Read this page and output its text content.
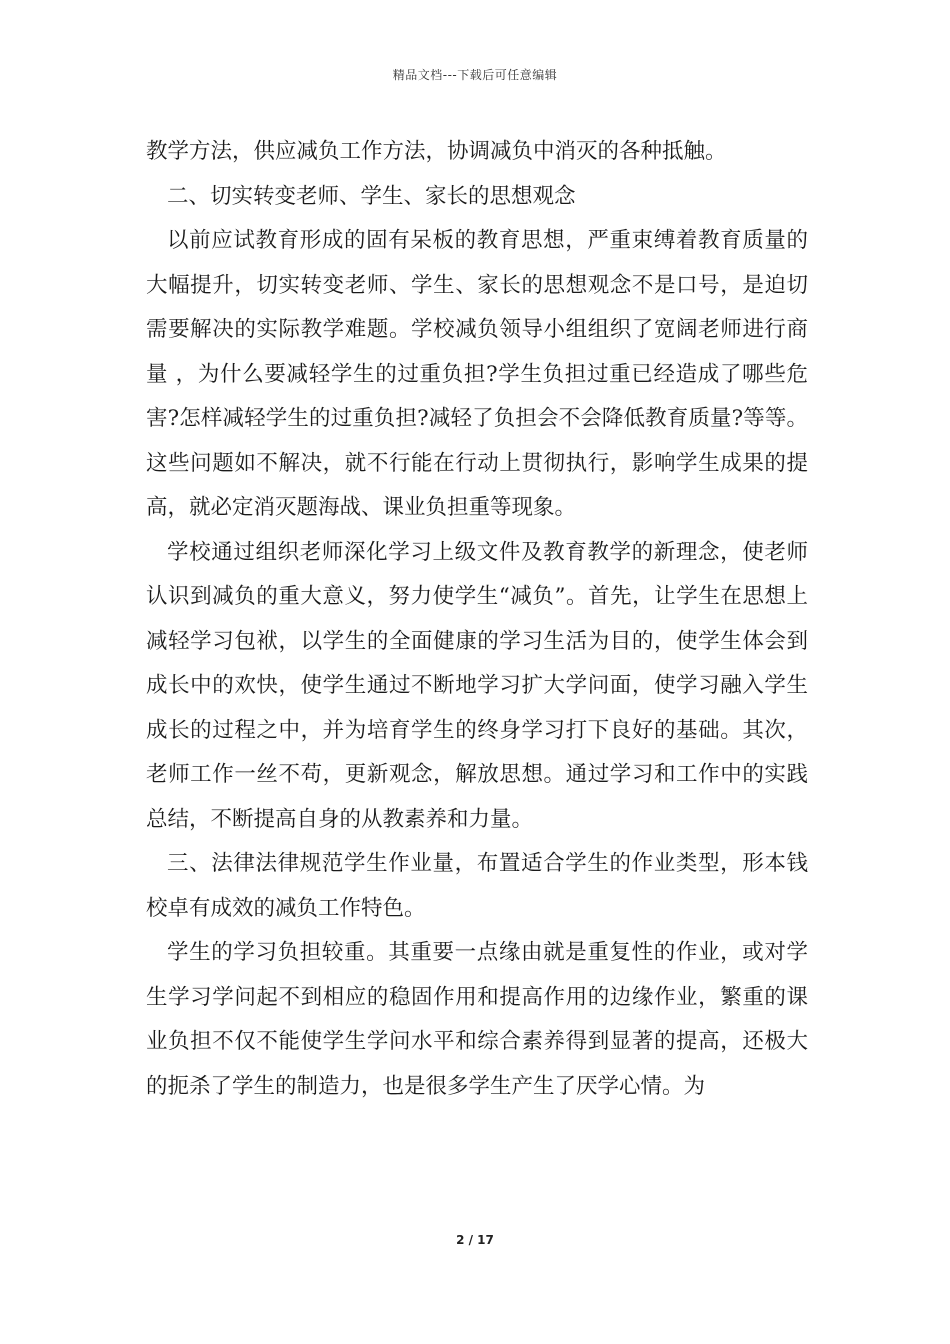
精品文档---下载后可任意编辑

教学方法，供应减负工作方法，协调减负中消灭的各种抵触。

二、切实转变老师、学生、家长的思想观念

以前应试教育形成的固有呆板的教育思想，严重束缚着教育质量的大幅提升，切实转变老师、学生、家长的思想观念不是口号，是迫切需要解决的实际教学难题。学校减负领导小组组织了宽阔老师进行商量 ，为什么要减轻学生的过重负担?学生负担过重已经造成了哪些危害?怎样减轻学生的过重负担?减轻了负担会不会降低教育质量?等等。这些问题如不解决，就不行能在行动上贯彻执行，影响学生成果的提高，就必定消灭题海战、课业负担重等现象。

学校通过组织老师深化学习上级文件及教育教学的新理念，使老师认识到减负的重大意义，努力使学生“减负”。首先，让学生在思想上减轻学习包袱，以学生的全面健康的学习生活为目的，使学生体会到成长中的欢快，使学生通过不断地学习扩大学问面，使学习融入学生成长的过程之中，并为培育学生的终身学习打下良好的基础。其次，老师工作一丝不苟，更新观念，解放思想。通过学习和工作中的实践总结，不断提高自身的从教素养和力量。

三、法律法律规范学生作业量，布置适合学生的作业类型，形本钱校卓有成效的减负工作特色。

学生的学习负担较重。其重要一点缘由就是重复性的作业，或对学生学习学问起不到相应的稳固作用和提高作用的边缘作业，繁重的课业负担不仅不能使学生学问水平和综合素养得到显著的提高，还极大的扼杀了学生的制造力，也是很多学生产生了厌学心情。为

2 / 17
